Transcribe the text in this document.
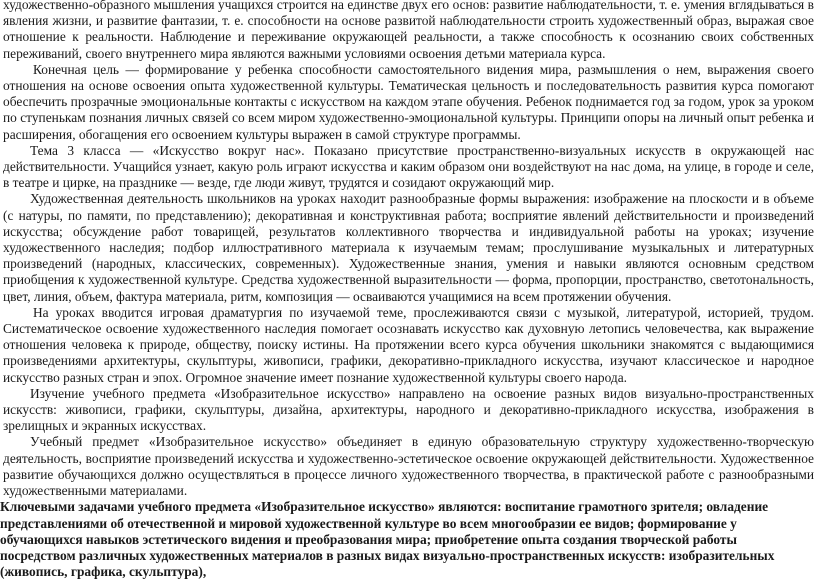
художественно-образного мышления учащихся строится на единстве двух его основ: развитие наблюдательности, т. е. умения вглядываться в явления жизни, и развитие фантазии, т. е. способности на основе развитой наблюдательности строить художественный образ, выражая свое отношение к реальности. Наблюдение и переживание окружающей реальности, а также способность к осознанию своих собственных переживаний, своего внутреннего мира являются важными условиями освоения детьми материала курса.

Конечная цель — формирование у ребенка способности самостоятельного видения мира, размышления о нем, выражения своего отношения на основе освоения опыта художественной культуры. Тематическая цельность и последовательность развития курса помогают обеспечить прозрачные эмоциональные контакты с искусством на каждом этапе обучения. Ребенок поднимается год за годом, урок за уроком по ступенькам познания личных связей со всем миром художественно-эмоциональной культуры. Принципи опоры на личный опыт ребенка и расширения, обогащения его освоением культуры выражен в самой структуре программы.

Тема 3 класса — «Искусство вокруг нас». Показано присутствие пространственно-визуальных искусств в окружающей нас действительности. Учащийся узнает, какую роль играют искусства и каким образом они воздействуют на нас дома, на улице, в городе и селе, в театре и цирке, на празднике — везде, где люди живут, трудятся и созидают окружающий мир.

Художественная деятельность школьников на уроках находит разнообразные формы выражения: изображение на плоскости и в объеме (с натуры, по памяти, по представлению); декоративная и конструктивная работа; восприятие явлений действительности и произведений искусства; обсуждение работ товарищей, результатов коллективного творчества и индивидуальной работы на уроках; изучение художественного наследия; подбор иллюстративного материала к изучаемым темам; прослушивание музыкальных и литературных произведений (народных, классических, современных). Художественные знания, умения и навыки являются основным средством приобщения к художественной культуре. Средства художественной выразительности — форма, пропорции, пространство, светотональность, цвет, линия, объем, фактура материала, ритм, композиция — осваиваются учащимися на всем протяжении обучения.

На уроках вводится игровая драматургия по изучаемой теме, прослеживаются связи с музыкой, литературой, историей, трудом. Систематическое освоение художественного наследия помогает осознавать искусство как духовную летопись человечества, как выражение отношения человека к природе, обществу, поиску истины. На протяжении всего курса обучения школьники знакомятся с выдающимися произведениями архитектуры, скульптуры, живописи, графики, декоративно-прикладного искусства, изучают классическое и народное искусство разных стран и эпох. Огромное значение имеет познание художественной культуры своего народа.

Изучение учебного предмета «Изобразительное искусство» направлено на освоение разных видов визуально-пространственных искусств: живописи, графики, скульптуры, дизайна, архитектуры, народного и декоративно-прикладного искусства, изображения в зрелищных и экранных искусствах.

Учебный предмет «Изобразительное искусство» объединяет в единую образовательную структуру художественно-творческую деятельность, восприятие произведений искусства и художественно-эстетическое освоение окружающей действительности. Художественное развитие обучающихся должно осуществляться в процессе личного художественного творчества, в практической работе с разнообразными художественными материалами.

Ключевыми задачами учебного предмета «Изобразительное искусство» являются: воспитание грамотного зрителя; овладение представлениями об отечественной и мировой художественной культуре во всем многообразии ее видов; формирование у обучающихся навыков эстетического видения и преобразования мира; приобретение опыта создания творческой работы посредством различных художественных материалов в разных видах визуально-пространственных искусств: изобразительных (живопись, графика, скульптура),
